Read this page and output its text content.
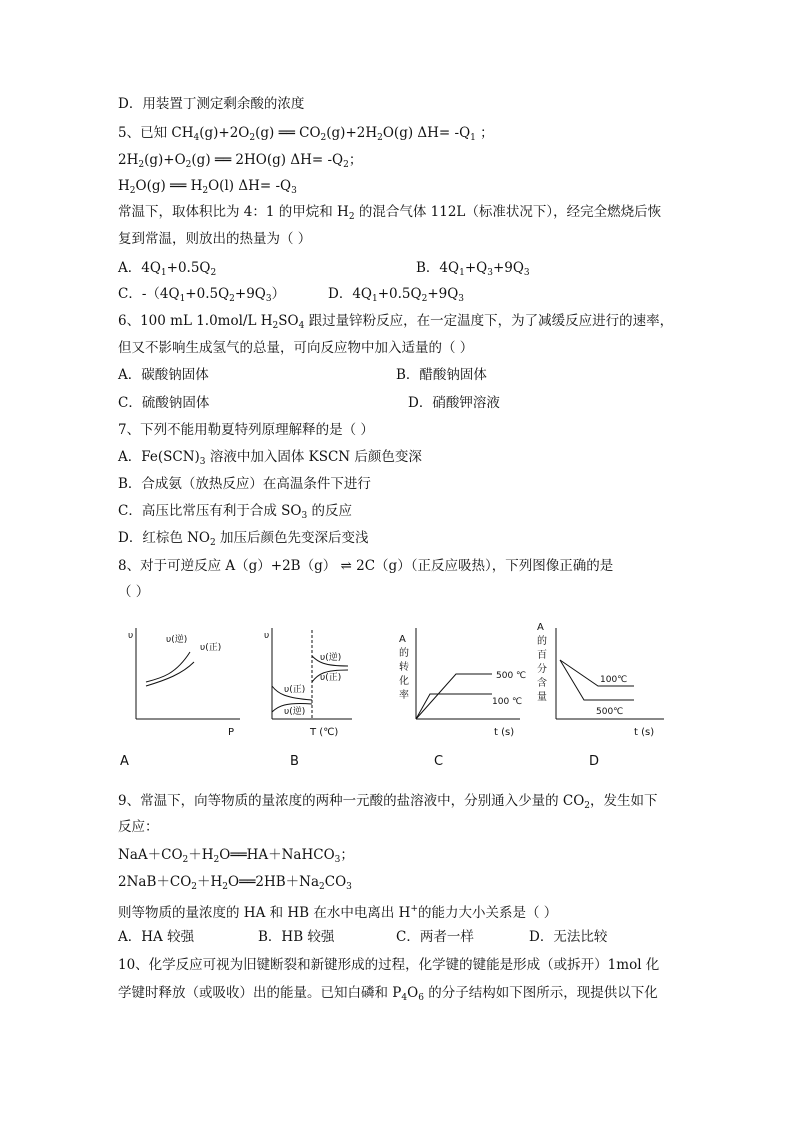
D．用装置丁测定剩余酸的浓度
5、已知 $CH_4(g)+2O_2(g)$ ══ $CO_2(g)+2H_2O(g)$ $\Delta H= -Q_1$ ；
$2H_2(g)+O_2(g)$ ══ 2HO(g) $\Delta H= -Q_2$；
$H_2O(g)$ ══ $H_2O(l)$ $\Delta H= -Q_3$
常温下，取体积比为 4：1 的甲烷和 $H_2$ 的混合气体 112L（标准状况下），经完全燃烧后恢
复到常温，则放出的热量为（ ）
A．$4Q_1+0.5Q_2$	B．$4Q_1+Q_3+9Q_3$
C．$-(4Q_1+0.5Q_2+9Q_3)$	D．$4Q_1+0.5Q_2+9Q_3$
6、100 mL 1.0mol/L $H_2SO_4$ 跟过量锌粉反应，在一定温度下，为了减缓反应进行的速率，
但又不影响生成氢气的总量，可向反应物中加入适量的（ ）
A．碳酸钠固体	B．醋酸钠固体
C．硫酸钠固体	D．硝酸钾溶液
7、下列不能用勒夏特列原理解释的是（ ）
A．$Fe(SCN)_3$ 溶液中加入固体 KSCN 后颜色变深
B．合成氨（放热反应）在高温条件下进行
C．高压比常压有利于合成 $SO_3$ 的反应
D．红棕色 $NO_2$ 加压后颜色先变深后变浅
8、对于可逆反应 A（g）+2B（g） ⇌ 2C（g）（正反应吸热），下列图像正确的是
（ ）
υ
P
υ(逆)
υ(正)
A
υ
υ(正)
υ(逆)
υ(逆)
υ(正)
T (℃)
B
A
的
转
化
率
500 ℃
100 ℃
t (s)
C
A
的
百
分
含
量
100℃
500℃
t (s)
D
9、常温下，向等物质的量浓度的两种一元酸的盐溶液中，分别通入少量的 $CO_2$，发生如下
反应：
$NaA+CO_2+H_2O══HA+NaHCO_3$；
$2NaB+CO_2+H_2O══2HB+Na_2CO_3$
则等物质的量浓度的 HA 和 HB 在水中电离出 H+的能力大小关系是（ ）
A．HA 较强	B．HB 较强	C．两者一样	D．无法比较
10、化学反应可视为旧键断裂和新键形成的过程，化学键的键能是形成（或拆开）1mol 化
学键时释放（或吸收）出的能量。已知白磷和 $P_4O_6$ 的分子结构如下图所示，现提供以下化
